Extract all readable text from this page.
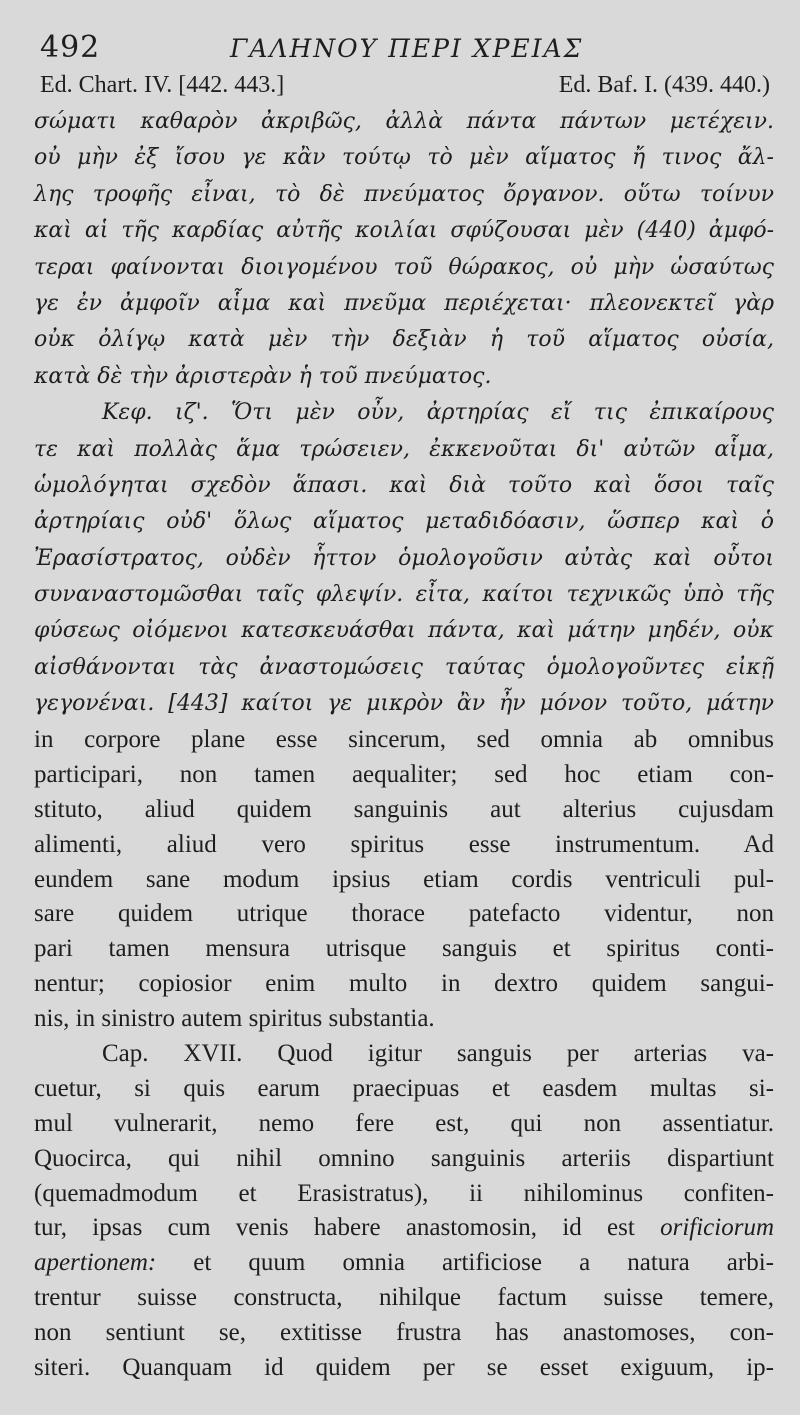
492	ΓΑΛΗΝΟΥ ΠΕΡΙ ΧΡΕΙΑΣ
Ed. Chart. IV. [442. 443.]	Ed. Baf. I. (439. 440.)
σώματι καθαρὸν ἀκριβῶς, ἀλλὰ πάντα πάντων μετέχειν.
οὐ μὴν ἐξ ἴσου γε κἂν τούτῳ τὸ μὲν αἵματος ἤ τινος ἄλ-
λης τροφῆς εἶναι, τὸ δὲ πνεύματος ὄργανον. οὕτω τοίνυν
καὶ αἱ τῆς καρδίας αὐτῆς κοιλίαι σφύζουσαι μὲν (440) ἀμφό-
τεραι φαίνονται διοιγομένου τοῦ θώρακος, οὐ μὴν ὡσαύτως
γε ἐν ἀμφοῖν αἷμα καὶ πνεῦμα περιέχεται· πλεονεκτεῖ γὰρ
οὐκ ὀλίγῳ κατὰ μὲν τὴν δεξιὰν ἡ τοῦ αἵματος οὐσία,
κατὰ δὲ τὴν ἀριστερὰν ἡ τοῦ πνεύματος.
Κεφ. ιζ'. Ὅτι μὲν οὖν, ἀρτηρίας εἴ τις ἐπικαίρους
τε καὶ πολλὰς ἅμα τρώσειεν, ἐκκενοῦται δι' αὐτῶν αἷμα,
ὡμολόγηται σχεδὸν ἅπασι. καὶ διὰ τοῦτο καὶ ὅσοι ταῖς
ἀρτηρίαις οὐδ' ὅλως αἵματος μεταδιδόασιν, ὥσπερ καὶ ὁ
Ἐρασίστρατος, οὐδὲν ἧττον ὁμολογοῦσιν αὐτὰς καὶ οὗτοι
συναναστομῶσθαι ταῖς φλεψίν. εἶτα, καίτοι τεχνικῶς ὑπὸ τῆς
φύσεως οἰόμενοι κατεσκευάσθαι πάντα, καὶ μάτην μηδέν, οὐκ
αἰσθάνονται τὰς ἀναστομώσεις ταύτας ὁμολογοῦντες εἰκῇ
γεγονέναι. [443] καίτοι γε μικρὸν ἂν ἦν μόνον τοῦτο, μάτην
in corpore plane esse sincerum, sed omnia ab omnibus
participari, non tamen aequaliter; sed hoc etiam con-
stituto, aliud quidem sanguinis aut alterius cujusdam
alimenti, aliud vero spiritus esse instrumentum. Ad
eundem sane modum ipsius etiam cordis ventriculi pul-
sare quidem utrique thorace patefacto videntur, non
pari tamen mensura utrisque sanguis et spiritus conti-
nentur; copiosior enim multo in dextro quidem sangui-
nis, in sinistro autem spiritus substantia.
Cap. XVII. Quod igitur sanguis per arterias va-
cuetur, si quis earum praecipuas et easdem multas si-
mul vulnerarit, nemo fere est, qui non assentiatur.
Quocirca, qui nihil omnino sanguinis arteriis dispartiunt
(quemadmodum et Erasistratus), ii nihilominus confiten-
tur, ipsas cum venis habere anastomosin, id est orificiorum
apertionem: et quum omnia artificiose a natura arbi-
trentur suisse constructa, nihilque factum suisse temere,
non sentiunt se, extitisse frustra has anastomoses, con-
siteri. Quanquam id quidem per se esset exiguum, ip-
